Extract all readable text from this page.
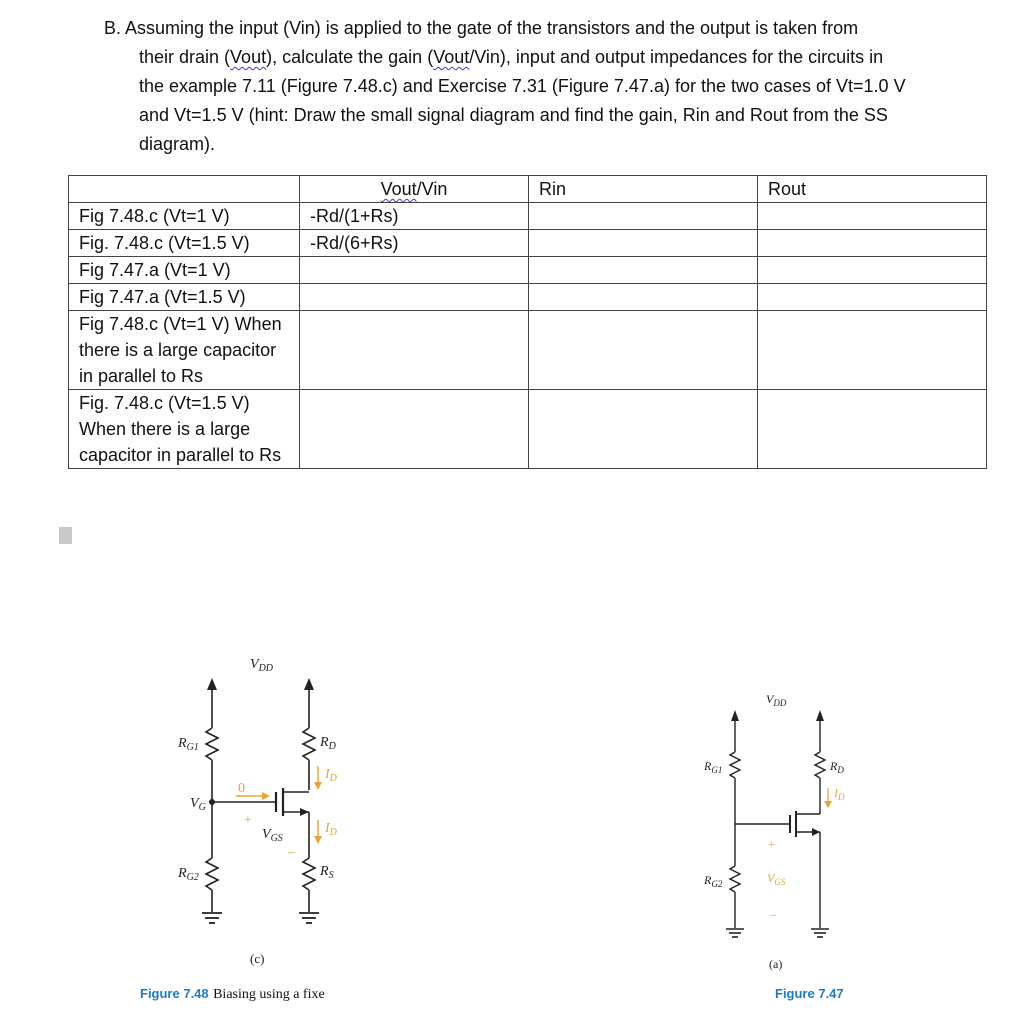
B. Assuming the input (Vin) is applied to the gate of the transistors and the output is taken from
their drain (Vout), calculate the gain (Vout/Vin), input and output impedances for the circuits in
the example 7.11 (Figure 7.48.c) and Exercise 7.31 (Figure 7.47.a) for the two cases of Vt=1.0 V
and Vt=1.5 V (hint: Draw the small signal diagram and find the gain, Rin and Rout from the SS
diagram).
	Vout/Vin	Rin	Rout
Fig 7.48.c (Vt=1 V)	-Rd/(1+Rs)		
Fig. 7.48.c (Vt=1.5 V)	-Rd/(6+Rs)		
Fig 7.47.a (Vt=1 V)			
Fig 7.47.a (Vt=1.5 V)			
Fig 7.48.c (Vt=1 V) When there is a large capacitor in parallel to Rs			
Fig. 7.48.c (Vt=1.5 V) When there is a large capacitor in parallel to Rs			
$V_{DD}$
$R_{G1}$
$R_{G2}$
$V_G$
$V_{GS}$
$R_D$
$I_D$
$I_D$
$R_S$
0
+
–
(c)
Figure 7.48 Biasing using a fixe
$V_{DD}$
$R_{G1}$
$R_{G2}$	$V_{GS}$
$R_D$
$I_D$
+
–
(a)
Figure 7.47
